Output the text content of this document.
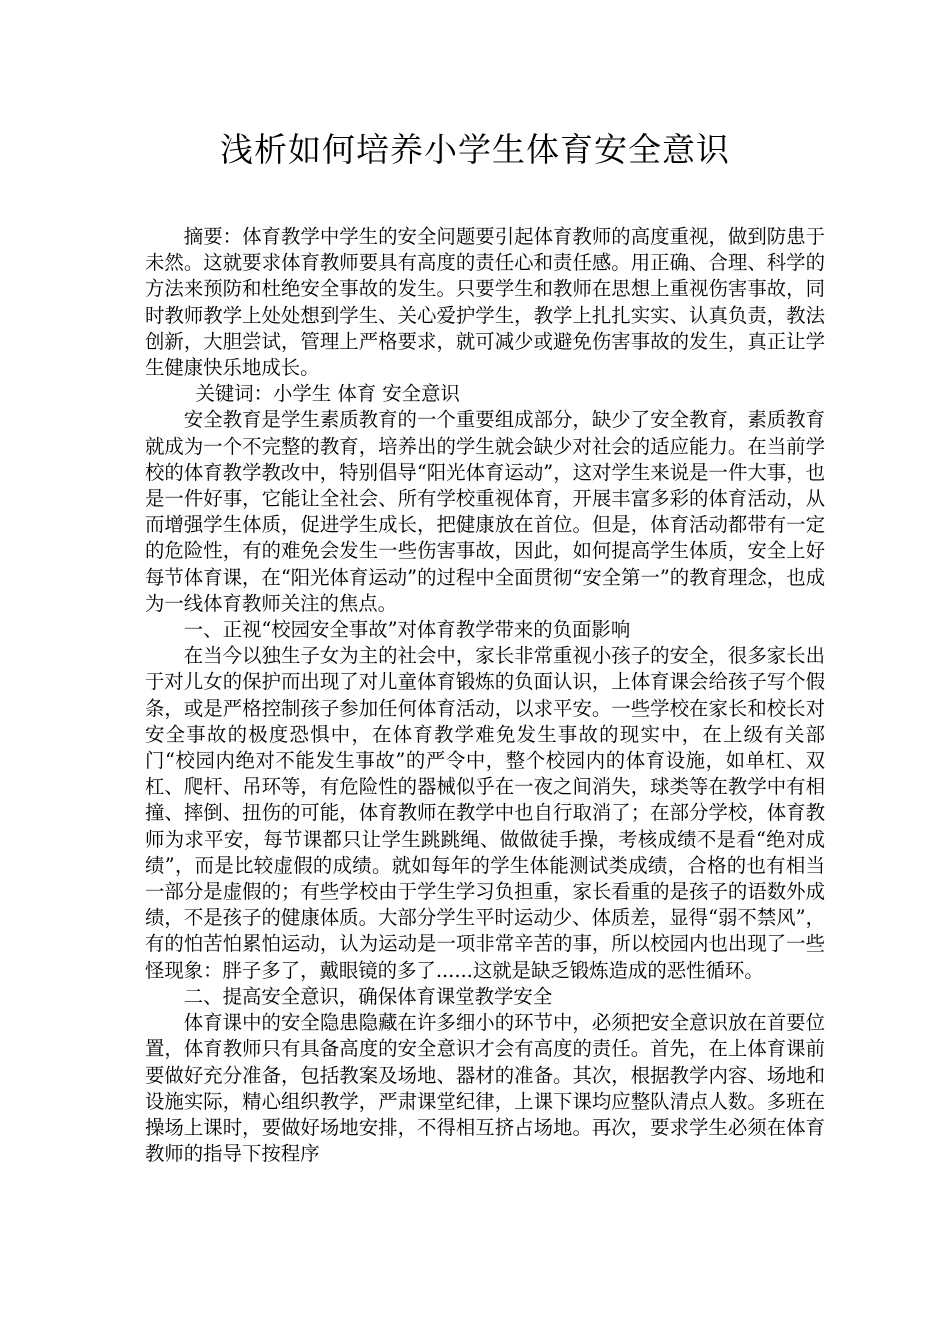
浅析如何培养小学生体育安全意识

摘要：体育教学中学生的安全问题要引起体育教师的高度重视，做到防患于未然。这就要求体育教师要具有高度的责任心和责任感。用正确、合理、科学的方法来预防和杜绝安全事故的发生。只要学生和教师在思想上重视伤害事故，同时教师教学上处处想到学生、关心爱护学生，教学上扎扎实实、认真负责，教法创新，大胆尝试，管理上严格要求，就可减少或避免伤害事故的发生，真正让学生健康快乐地成长。

关键词：小学生 体育 安全意识

安全教育是学生素质教育的一个重要组成部分，缺少了安全教育，素质教育就成为一个不完整的教育，培养出的学生就会缺少对社会的适应能力。在当前学校的体育教学教改中，特别倡导“阳光体育运动”，这对学生来说是一件大事，也是一件好事，它能让全社会、所有学校重视体育，开展丰富多彩的体育活动，从而增强学生体质，促进学生成长，把健康放在首位。但是，体育活动都带有一定的危险性，有的难免会发生一些伤害事故，因此，如何提高学生体质，安全上好每节体育课，在“阳光体育运动”的过程中全面贯彻“安全第一”的教育理念，也成为一线体育教师关注的焦点。

一、正视“校园安全事故”对体育教学带来的负面影响

在当今以独生子女为主的社会中，家长非常重视小孩子的安全，很多家长出于对儿女的保护而出现了对儿童体育锻炼的负面认识，上体育课会给孩子写个假条，或是严格控制孩子参加任何体育活动，以求平安。一些学校在家长和校长对安全事故的极度恐惧中，在体育教学难免发生事故的现实中，在上级有关部门“校园内绝对不能发生事故”的严令中，整个校园内的体育设施，如单杠、双杠、爬杆、吊环等，有危险性的器械似乎在一夜之间消失，球类等在教学中有相撞、摔倒、扭伤的可能，体育教师在教学中也自行取消了；在部分学校，体育教师为求平安，每节课都只让学生跳跳绳、做做徒手操，考核成绩不是看“绝对成绩”，而是比较虚假的成绩。就如每年的学生体能测试类成绩，合格的也有相当一部分是虚假的；有些学校由于学生学习负担重，家长看重的是孩子的语数外成绩，不是孩子的健康体质。大部分学生平时运动少、体质差，显得“弱不禁风”，有的怕苦怕累怕运动，认为运动是一项非常辛苦的事，所以校园内也出现了一些怪现象：胖子多了，戴眼镜的多了......这就是缺乏锻炼造成的恶性循环。

二、提高安全意识，确保体育课堂教学安全

体育课中的安全隐患隐藏在许多细小的环节中，必须把安全意识放在首要位置，体育教师只有具备高度的安全意识才会有高度的责任。首先，在上体育课前要做好充分准备，包括教案及场地、器材的准备。其次，根据教学内容、场地和设施实际，精心组织教学，严肃课堂纪律，上课下课均应整队清点人数。多班在操场上课时，要做好场地安排，不得相互挤占场地。再次，要求学生必须在体育教师的指导下按程序
